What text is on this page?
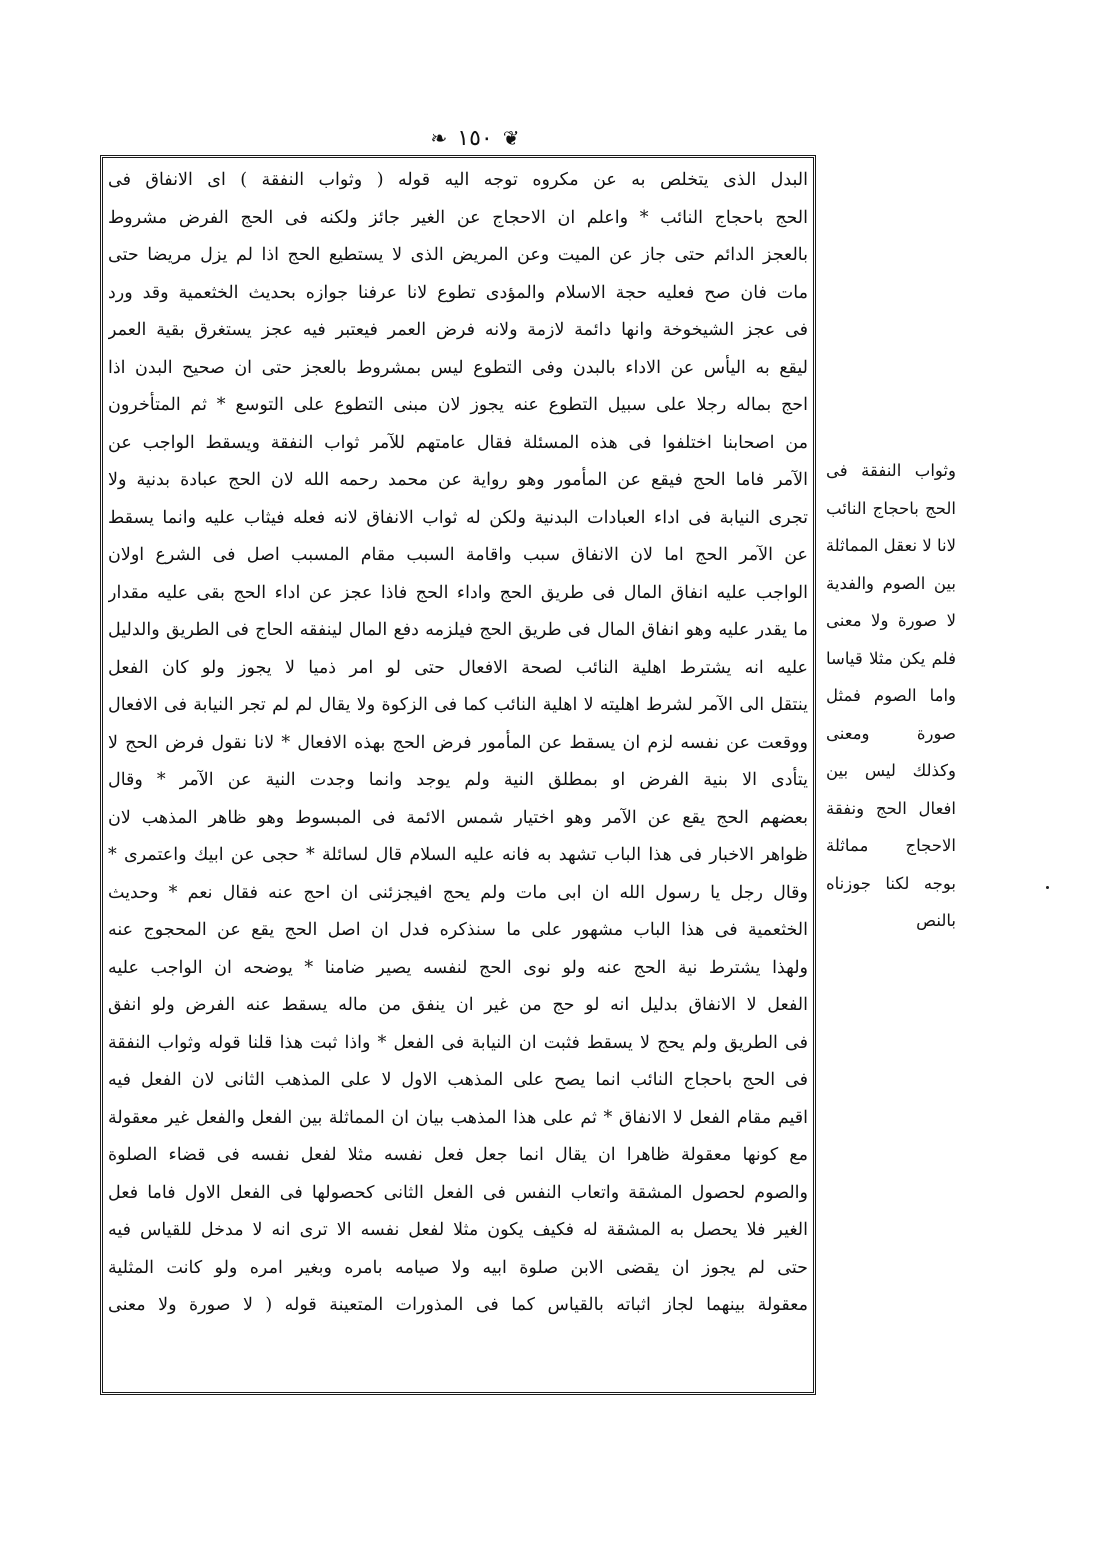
❦
١٥٠
❧
البدل الذى يتخلص به عن مكروه توجه اليه قوله ( وثواب النفقة ) اى الانفاق فى
الحج باحجاج النائب * واعلم ان الاحجاج عن الغير جائز ولكنه فى الحج الفرض مشروط
بالعجز الدائم حتى جاز عن الميت وعن المريض الذى لا يستطيع الحج اذا لم يزل مريضا حتى
مات فان صح فعليه حجة الاسلام والمؤدى تطوع لانا عرفنا جوازه بحديث الخثعمية وقد ورد
فى عجز الشيخوخة وانها دائمة لازمة ولانه فرض العمر فيعتبر فيه عجز يستغرق بقية العمر
ليقع به اليأس عن الاداء بالبدن وفى التطوع ليس بمشروط بالعجز حتى ان صحيح البدن اذا
احج بماله رجلا على سبيل التطوع عنه يجوز لان مبنى التطوع على التوسع * ثم المتأخرون
من اصحابنا اختلفوا فى هذه المسئلة فقال عامتهم للآمر ثواب النفقة ويسقط الواجب عن
الآمر فاما الحج فيقع عن المأمور وهو رواية عن محمد رحمه الله لان الحج عبادة بدنية ولا
تجرى النيابة فى اداء العبادات البدنية ولكن له ثواب الانفاق لانه فعله فيثاب عليه وانما يسقط
عن الآمر الحج اما لان الانفاق سبب واقامة السبب مقام المسبب اصل فى الشرع اولان
الواجب عليه انفاق المال فى طريق الحج واداء الحج فاذا عجز عن اداء الحج بقى عليه مقدار
ما يقدر عليه وهو انفاق المال فى طريق الحج فيلزمه دفع المال لينفقه الحاج فى الطريق والدليل
عليه انه يشترط اهلية النائب لصحة الافعال حتى لو امر ذميا لا يجوز ولو كان الفعل
ينتقل الى الآمر لشرط اهليته لا اهلية النائب كما فى الزكوة ولا يقال لم لم تجر النيابة فى الافعال
ووقعت عن نفسه لزم ان يسقط عن المأمور فرض الحج بهذه الافعال * لانا نقول فرض الحج لا
يتأدى الا بنية الفرض او بمطلق النية ولم يوجد وانما وجدت النية عن الآمر * وقال
بعضهم الحج يقع عن الآمر وهو اختيار شمس الائمة فى المبسوط وهو ظاهر المذهب لان
ظواهر الاخبار فى هذا الباب تشهد به فانه عليه السلام قال لسائلة * حجى عن ابيك واعتمرى *
وقال رجل يا رسول الله ان ابى مات ولم يحج افيجزئنى ان احج عنه فقال نعم * وحديث
الخثعمية فى هذا الباب مشهور على ما سنذكره فدل ان اصل الحج يقع عن المحجوج عنه
ولهذا يشترط نية الحج عنه ولو نوى الحج لنفسه يصير ضامنا * يوضحه ان الواجب عليه
الفعل لا الانفاق بدليل انه لو حج من غير ان ينفق من ماله يسقط عنه الفرض ولو انفق
فى الطريق ولم يحج لا يسقط فثبت ان النيابة فى الفعل * واذا ثبت هذا قلنا قوله وثواب النفقة
فى الحج باحجاج النائب انما يصح على المذهب الاول لا على المذهب الثانى لان الفعل فيه
اقيم مقام الفعل لا الانفاق * ثم على هذا المذهب بيان ان المماثلة بين الفعل والفعل غير معقولة
مع كونها معقولة ظاهرا ان يقال انما جعل فعل نفسه مثلا لفعل نفسه فى قضاء الصلوة
والصوم لحصول المشقة واتعاب النفس فى الفعل الثانى كحصولها فى الفعل الاول فاما فعل
الغير فلا يحصل به المشقة له فكيف يكون مثلا لفعل نفسه الا ترى انه لا مدخل للقياس فيه
حتى لم يجوز ان يقضى الابن صلوة ابيه ولا صيامه بامره وبغير امره ولو كانت المثلية
معقولة بينهما لجاز اثباته بالقياس كما فى المذورات المتعينة قوله ( لا صورة ولا معنى
وثواب النفقة فى
الحج باحجاج النائب
لانا لا نعقل المماثلة
بين الصوم والفدية
لا صورة ولا معنى
فلم يكن مثلا قياسا
واما الصوم فمثل
صورة ومعنى
وكذلك ليس بين
افعال الحج ونفقة
الاحجاج مماثلة
بوجه لكنا جوزناه
بالنص
